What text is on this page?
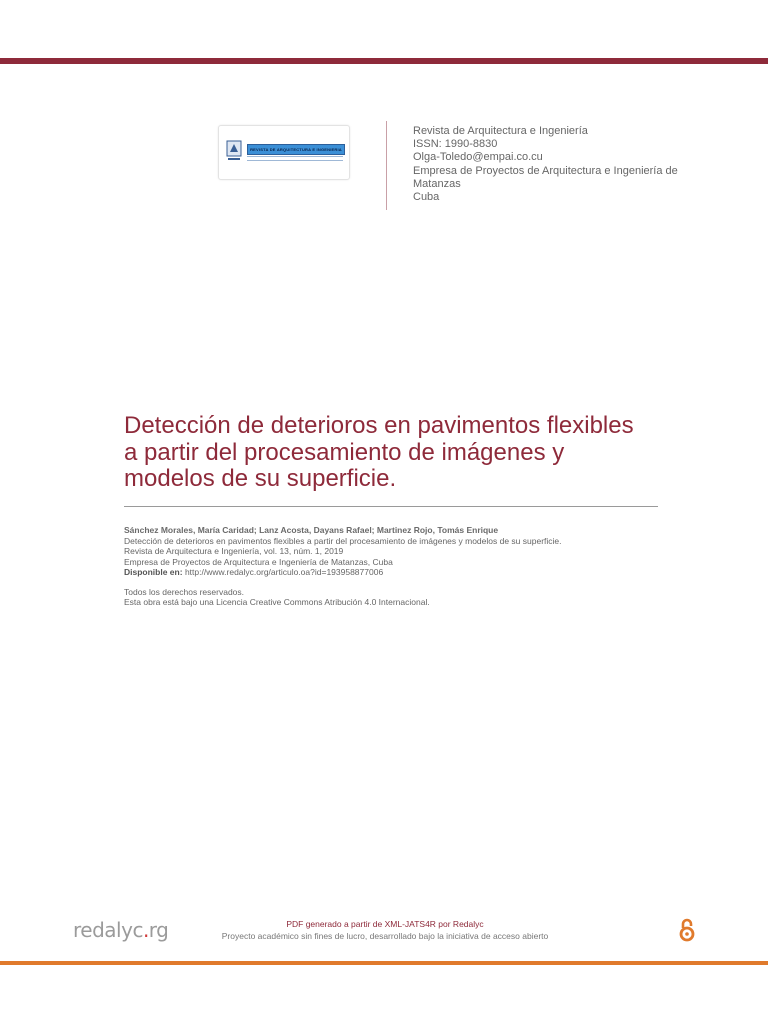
REVISTA DE ARQUITECTURA E INGENIERIA
Revista de Arquitectura e Ingeniería
ISSN: 1990-8830
Olga-Toledo@empai.co.cu
Empresa de Proyectos de Arquitectura e Ingeniería de Matanzas
Cuba
Detección de deterioros en pavimentos flexibles a partir del procesamiento de imágenes y modelos de su superficie.
Sánchez Morales, María Caridad; Lanz Acosta, Dayans Rafael; Martinez Rojo, Tomás Enrique
Detección de deterioros en pavimentos flexibles a partir del procesamiento de imágenes y modelos de su superficie.
Revista de Arquitectura e Ingeniería, vol. 13, núm. 1, 2019
Empresa de Proyectos de Arquitectura e Ingeniería de Matanzas, Cuba
Disponible en: http://www.redalyc.org/articulo.oa?id=193958877006
Todos los derechos reservados.
Esta obra está bajo una Licencia Creative Commons Atribución 4.0 Internacional.
redalyc.rg	PDF generado a partir de XML-JATS4R por Redalyc
Proyecto académico sin fines de lucro, desarrollado bajo la iniciativa de acceso abierto
